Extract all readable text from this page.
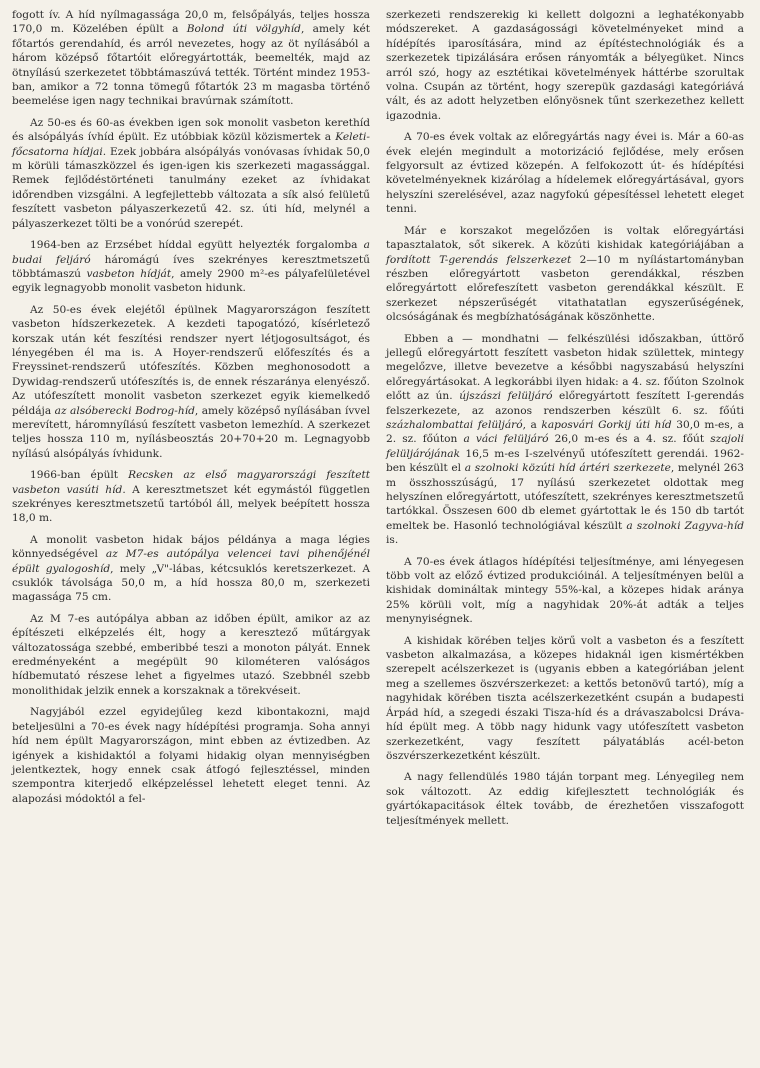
fogott ív. A híd nyílmagassága 20,0 m, felsőpályás, teljes hossza 170,0 m. Közelében épült a Bolond úti völgyhíd, amely két főtartós gerendahíd, és arról nevezetes, hogy az öt nyílásából a három középső főtartóit előregyártották, beemelték, majd az ötnyílású szerkezetet többtámaszúvá tették. Történt mindez 1953-ban, amikor a 72 tonna tömegű főtartók 23 m magasba történő beemelése igen nagy technikai bravúrnak számított.

Az 50-es és 60-as években igen sok monolit vasbeton kerethíd és alsópályás ívhíd épült. Ez utóbbiak közül közismertek a Keleti-főcsatorna hídjai. Ezek jobbára alsópályás vonóvasas ívhidak 50,0 m körüli támaszközzel és igen-igen kis szerkezeti magassággal. Remek fejlődéstörténeti tanulmány ezeket az ívhidakat időrendben vizsgálni. A legfejlettebb változata a sík alsó felületű feszített vasbeton pályaszerkezetű 42. sz. úti híd, melynél a pályaszerkezet tölti be a vonórúd szerepét.

1964-ben az Erzsébet híddal együtt helyezték forgalomba a budai feljáró háromágú íves szekrényes keresztmetszetű többtámaszú vasbeton hídját, amely 2900 m²-es pályafelületével egyik legnagyobb monolit vasbeton hidunk.

Az 50-es évek elejétől épülnek Magyarországon feszített vasbeton hídszerkezetek. A kezdeti tapogatózó, kísérletező korszak után két feszítési rendszer nyert létjogosultságot, és lényegében él ma is. A Hoyer-rendszerű előfeszítés és a Freyssinet-rendszerű utófeszítés. Közben meghonosodott a Dywidag-rendszerű utófeszítés is, de ennek részaránya elenyésző. Az utófeszített monolit vasbeton szerkezet egyik kiemelkedő példája az alsóberecki Bodrog-híd, amely középső nyílásában ívvel merevített, háromnyílású feszített vasbeton lemezhíd. A szerkezet teljes hossza 110 m, nyílásbeosztás 20+70+20 m. Legnagyobb nyílású alsópályás ívhidunk.

1966-ban épült Recsken az első magyarországi feszített vasbeton vasúti híd. A keresztmetszet két egymástól független szekrényes keresztmetszetű tartóból áll, melyek beépített hossza 18,0 m.

A monolit vasbeton hidak bájos példánya a maga légies könnyedségével az M7-es autópálya velencei tavi pihenőjénél épült gyalogoshíd, mely „V"-lábas, kétcsuklós keretszerkezet. A csuklók távolsága 50,0 m, a híd hossza 80,0 m, szerkezeti magassága 75 cm.

Az M 7-es autópálya abban az időben épült, amikor az az építészeti elképzelés élt, hogy a keresztező műtárgyak változatossága szebbé, emberibbé teszi a monoton pályát. Ennek eredményeként a megépült 90 kilométeren valóságos hídbemutató részese lehet a figyelmes utazó. Szebbnél szebb monolithidak jelzik ennek a korszaknak a törekvéseit.

Nagyjából ezzel egyidejűleg kezd kibontakozni, majd beteljesülni a 70-es évek nagy hídépítési programja. Soha annyi híd nem épült Magyarországon, mint ebben az évtizedben. Az igények a kishidaktól a folyami hidakig olyan mennyiségben jelentkeztek, hogy ennek csak átfogó fejlesztéssel, minden szempontra kiterjedő elképzeléssel lehetett eleget tenni. Az alapozási módoktól a fel-

szerkezeti rendszerekig ki kellett dolgozni a leghatékonyabb módszereket. A gazdaságossági követelményeket mind a hídépítés iparosítására, mind az építéstechnológiák és a szerkezetek tipizálására erősen rányomták a bélyegüket. Nincs arról szó, hogy az esztétikai követelmények háttérbe szorultak volna. Csupán az történt, hogy szerepük gazdasági kategóriává vált, és az adott helyzetben előnyösnek tűnt szerkezethez kellett igazodnia.

A 70-es évek voltak az előregyártás nagy évei is. Már a 60-as évek elején megindult a motorizáció fejlődése, mely erősen felgyorsult az évtized közepén. A felfokozott út- és hídépítési követelményeknek kizárólag a hídelemek előregyártásával, gyors helyszíni szerelésével, azaz nagyfokú gépesítéssel lehetett eleget tenni.

Már e korszakot megelőzően is voltak előregyártási tapasztalatok, sőt sikerek. A közúti kishidak kategóriájában a fordított T-gerendás felszerkezet 2—10 m nyílástartományban részben előregyártott vasbeton gerendákkal, részben előregyártott előrefeszített vasbeton gerendákkal készült. E szerkezet népszerűségét vitathatatlan egyszerűségének, olcsóságának és megbízhatóságának köszönhette.

Ebben a — mondhatni — felkészülési időszakban, úttörő jellegű előregyártott feszített vasbeton hidak születtek, mintegy megelőzve, illetve bevezetve a későbbi nagyszabású helyszíni előregyártásokat. A legkorábbi ilyen hidak: a 4. sz. főúton Szolnok előtt az ún. újszászi felüljáró előregyártott feszített I-gerendás felszerkezete, az azonos rendszerben készült 6. sz. főúti százhalombattai felüljáró, a kaposvári Gorkij úti híd 30,0 m-es, a 2. sz. főúton a váci felüljáró 26,0 m-es és a 4. sz. főút szajoli felüljárójának 16,5 m-es I-szelvényű utófeszített gerendái. 1962-ben készült el a szolnoki közúti híd ártéri szerkezete, melynél 263 m összhosszúságú, 17 nyílású szerkezetet oldottak meg helyszínen előregyártott, utófeszített, szekrényes keresztmetszetű tartókkal. Összesen 600 db elemet gyártottak le és 150 db tartót emeltek be. Hasonló technológiával készült a szolnoki Zagyva-híd is.

A 70-es évek átlagos hídépítési teljesítménye, ami lényegesen több volt az előző évtized produkcióinál. A teljesítményen belül a kishidak domináltak mintegy 55%-kal, a közepes hidak aránya 25% körüli volt, míg a nagyhidak 20%-át adták a teljes menynyiségnek.

A kishidak körében teljes körű volt a vasbeton és a feszített vasbeton alkalmazása, a közepes hidaknál igen kismértékben szerepelt acélszerkezet is (ugyanis ebben a kategóriában jelent meg a szellemes öszvérszerkezet: a kettős betonövű tartó), míg a nagyhidak körében tiszta acélszerkezetként csupán a budapesti Árpád híd, a szegedi északi Tisza-híd és a drávaszabolcsi Dráva-híd épült meg. A több nagy hidunk vagy utófeszített vasbeton szerkezetként, vagy feszített pályatáblás acél-beton öszvérszerkezetként készült.

A nagy fellendülés 1980 táján torpant meg. Lényegileg nem sok változott. Az eddig kifejlesztett technológiák és gyártókapacitások éltek tovább, de érezhetően visszafogott teljesítmények mellett.
